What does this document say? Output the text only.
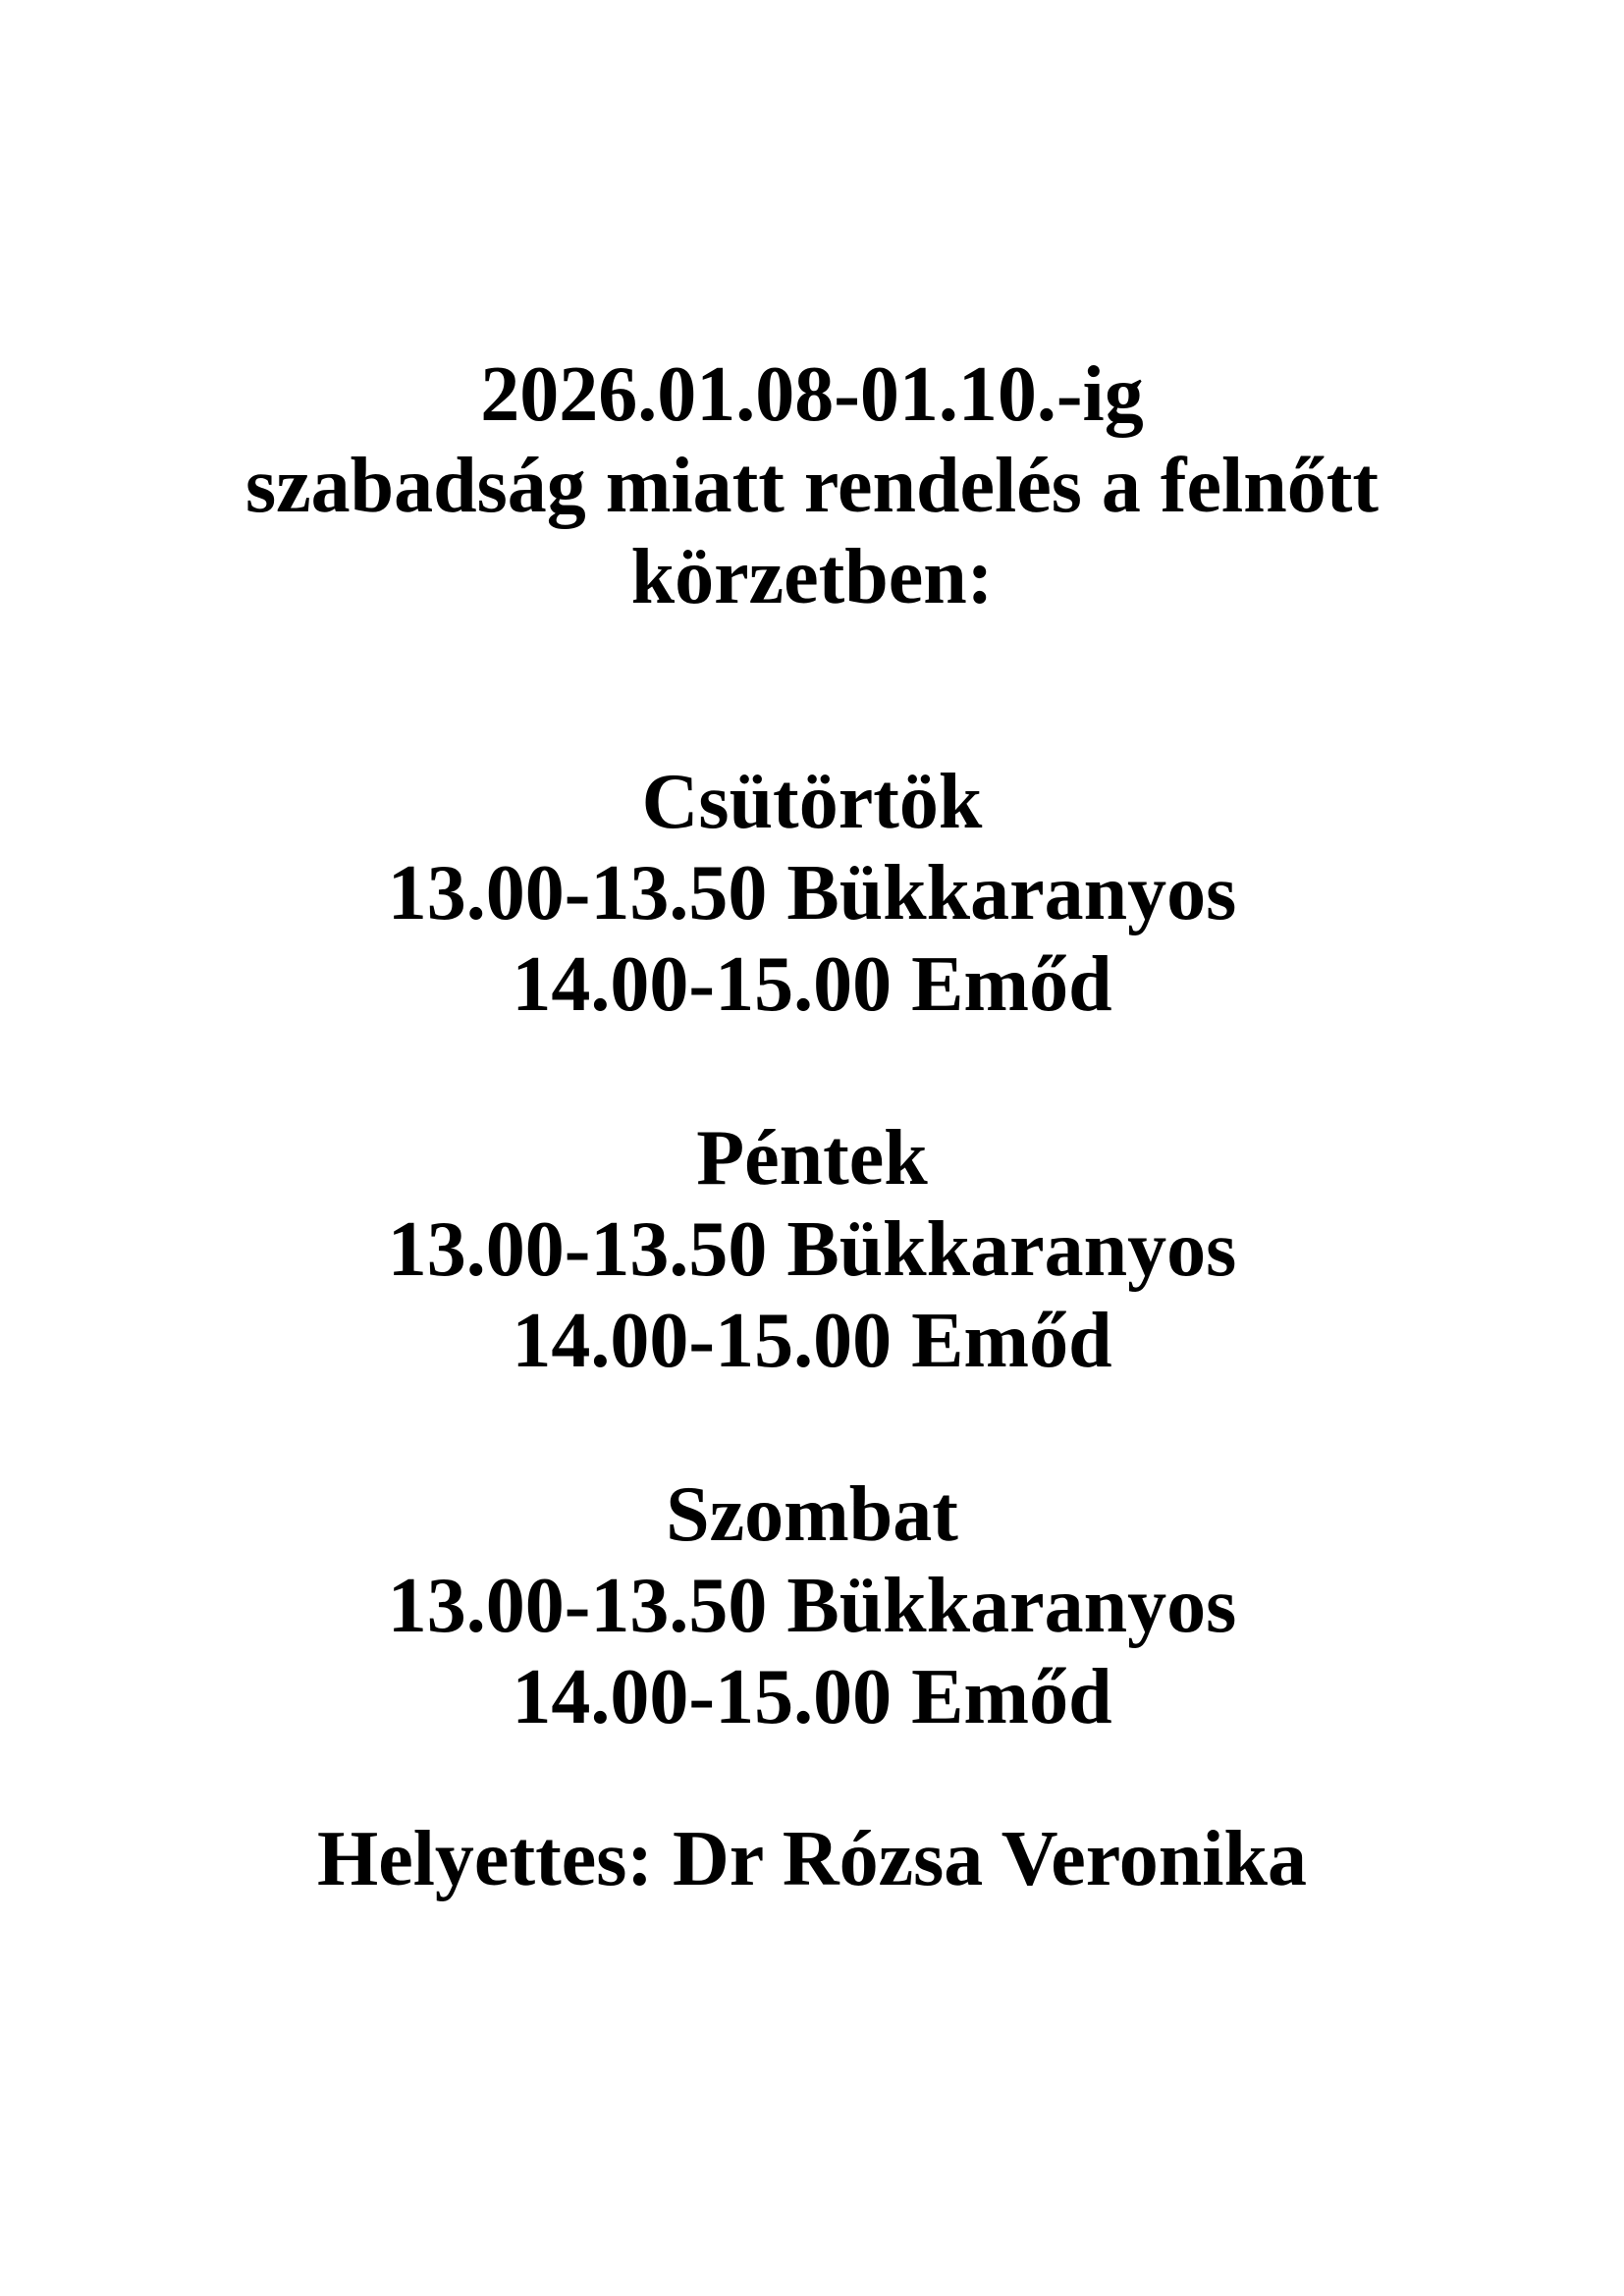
2026.01.08-01.10.-ig
szabadság miatt rendelés a felnőtt
körzetben:
Csütörtök
13.00-13.50 Bükkaranyos
14.00-15.00 Emőd
Péntek
13.00-13.50 Bükkaranyos
14.00-15.00 Emőd
Szombat
13.00-13.50 Bükkaranyos
14.00-15.00 Emőd
Helyettes: Dr Rózsa Veronika
